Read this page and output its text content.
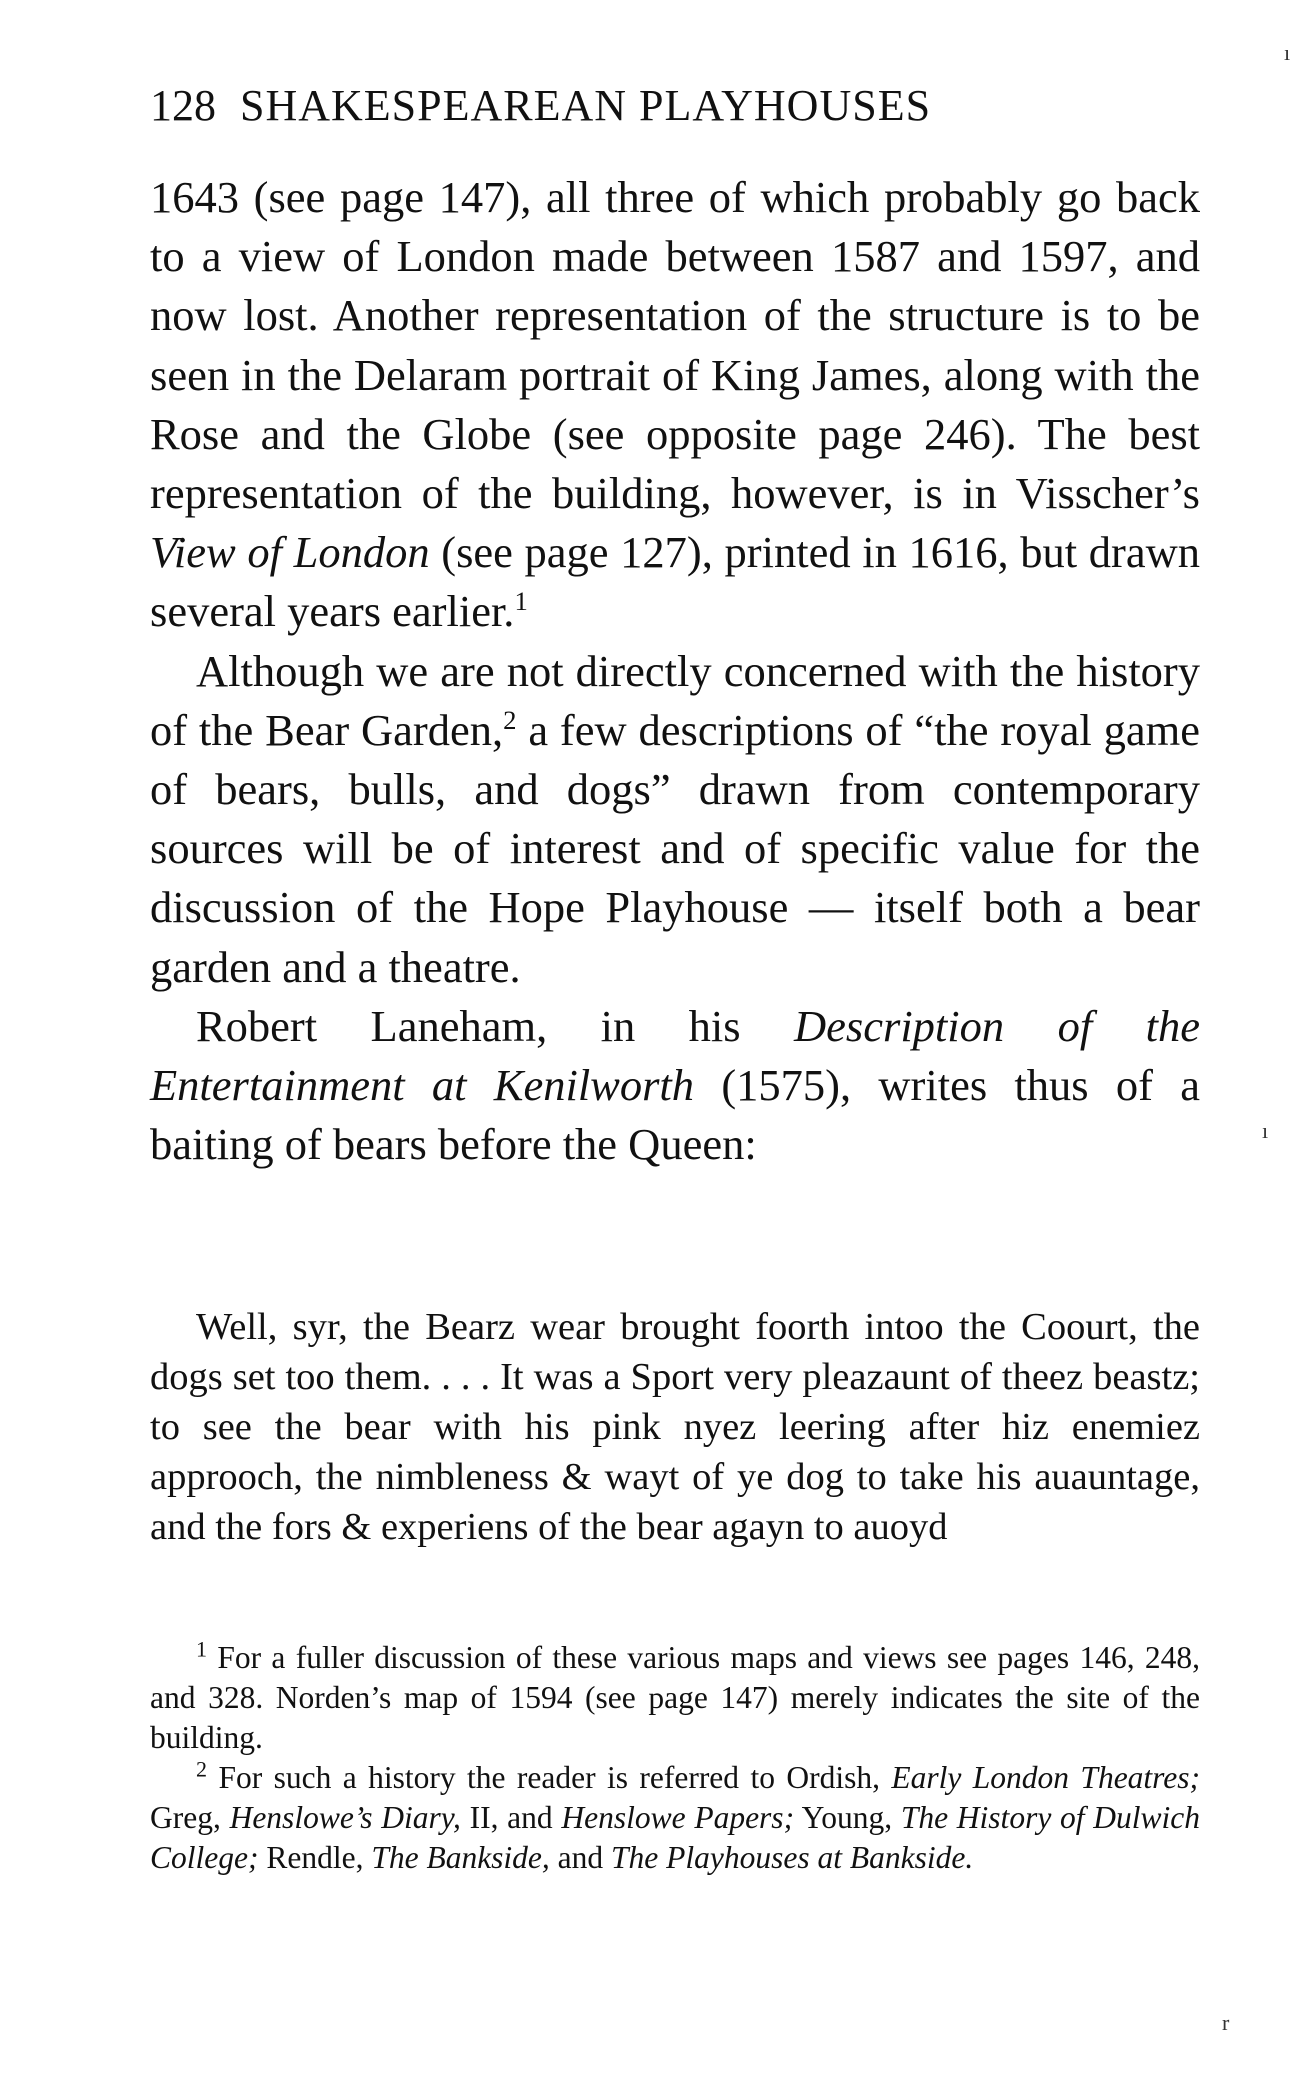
128 SHAKESPEAREAN PLAYHOUSES

1643 (see page 147), all three of which probably go back to a view of London made between 1587 and 1597, and now lost. Another representation of the structure is to be seen in the Delaram portrait of King James, along with the Rose and the Globe (see opposite page 246). The best representation of the building, however, is in Visscher’s View of London (see page 127), printed in 1616, but drawn several years earlier.$^1$

Although we are not directly concerned with the history of the Bear Garden,$^2$ a few descriptions of “the royal game of bears, bulls, and dogs” drawn from contemporary sources will be of interest and of specific value for the discussion of the Hope Playhouse — itself both a bear garden and a theatre.

Robert Laneham, in his Description of the Entertainment at Kenilworth (1575), writes thus of a baiting of bears before the Queen:

Well, syr, the Bearz wear brought foorth intoo the Coourt, the dogs set too them. . . . It was a Sport very pleazaunt of theez beastz; to see the bear with his pink nyez leering after hiz enemiez approoch, the nimbleness & wayt of ye dog to take his auauntage, and the fors & experiens of the bear agayn to auoyd

$^1$ For a fuller discussion of these various maps and views see pages 146, 248, and 328. Norden’s map of 1594 (see page 147) merely indicates the site of the building.

$^2$ For such a history the reader is referred to Ordish, Early London Theatres; Greg, Henslowe’s Diary, II, and Henslowe Papers; Young, The History of Dulwich College; Rendle, The Bankside, and The Playhouses at Bankside.

ı
ı
r
